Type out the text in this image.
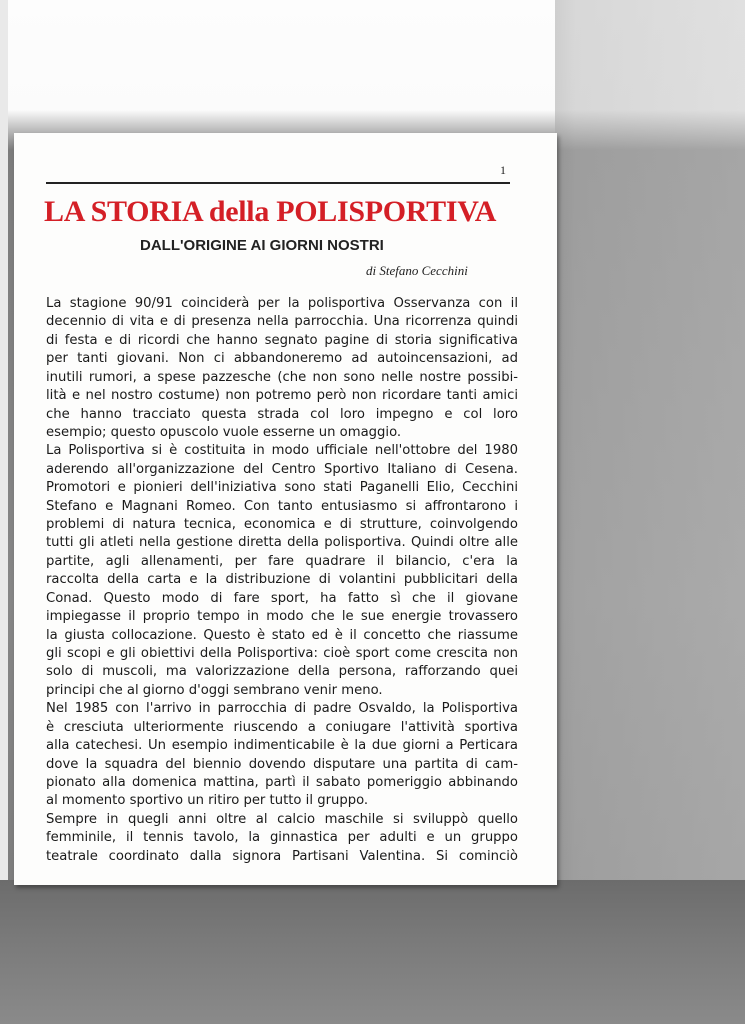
1
LA STORIA della POLISPORTIVA
DALL'ORIGINE AI GIORNI NOSTRI
di Stefano Cecchini
La stagione 90/91 coinciderà per la polisportiva Osservanza con il
decennio di vita e di presenza nella parrocchia. Una ricorrenza quindi
di festa e di ricordi che hanno segnato pagine di storia significativa
per tanti giovani. Non ci abbandoneremo ad autoincensazioni, ad
inutili rumori, a spese pazzesche (che non sono nelle nostre possibi-
lità e nel nostro costume) non potremo però non ricordare tanti amici
che hanno tracciato questa strada col loro impegno e col loro
esempio; questo opuscolo vuole esserne un omaggio.
La Polisportiva si è costituita in modo ufficiale nell'ottobre del 1980
aderendo all'organizzazione del Centro Sportivo Italiano di Cesena.
Promotori e pionieri dell'iniziativa sono stati Paganelli Elio, Cecchini
Stefano e Magnani Romeo. Con tanto entusiasmo si affrontarono i
problemi di natura tecnica, economica e di strutture, coinvolgendo
tutti gli atleti nella gestione diretta della polisportiva. Quindi oltre alle
partite, agli allenamenti, per fare quadrare il bilancio, c'era la
raccolta della carta e la distribuzione di volantini pubblicitari della
Conad. Questo modo di fare sport, ha fatto sì che il giovane
impiegasse il proprio tempo in modo che le sue energie trovassero
la giusta collocazione. Questo è stato ed è il concetto che riassume
gli scopi e gli obiettivi della Polisportiva: cioè sport come crescita non
solo di muscoli, ma valorizzazione della persona, rafforzando quei
principi che al giorno d'oggi sembrano venir meno.
Nel 1985 con l'arrivo in parrocchia di padre Osvaldo, la Polisportiva
è cresciuta ulteriormente riuscendo a coniugare l'attività sportiva
alla catechesi. Un esempio indimenticabile è la due giorni a Perticara
dove la squadra del biennio dovendo disputare una partita di cam-
pionato alla domenica mattina, partì il sabato pomeriggio abbinando
al momento sportivo un ritiro per tutto il gruppo.
Sempre in quegli anni oltre al calcio maschile si sviluppò quello
femminile, il tennis tavolo, la ginnastica per adulti e un gruppo
teatrale coordinato dalla signora Partisani Valentina. Si cominciò
